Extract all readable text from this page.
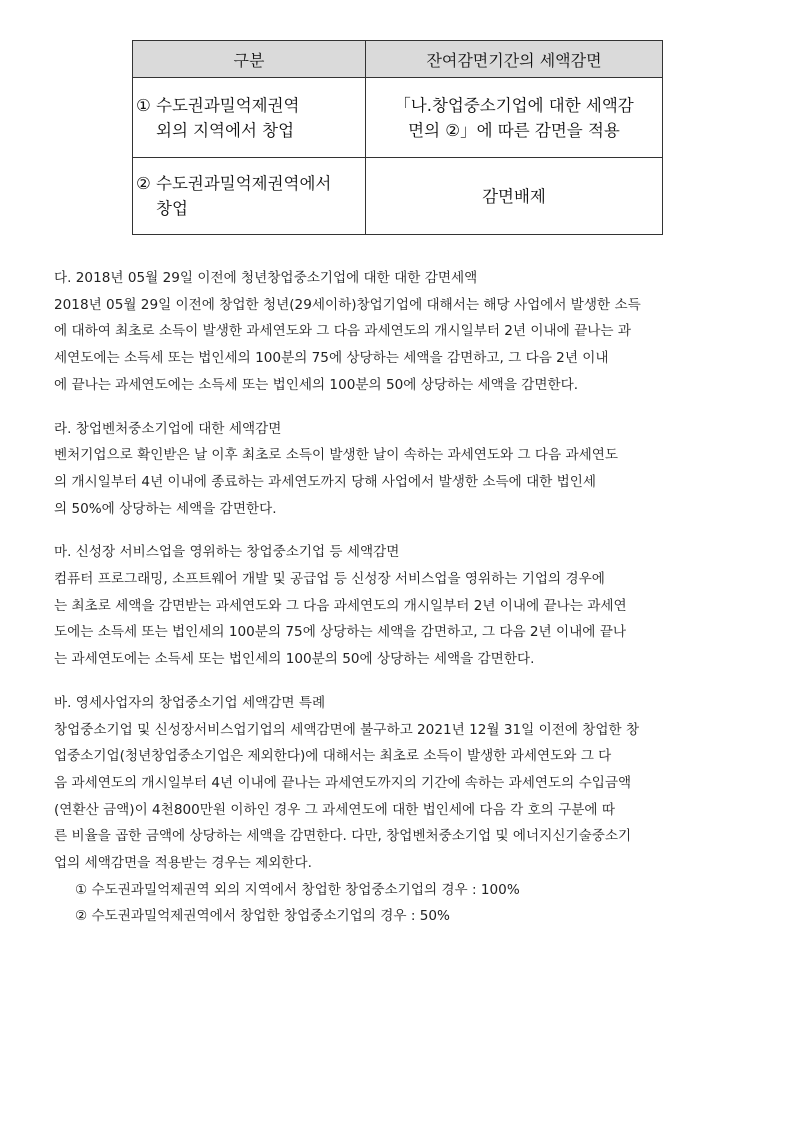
구분	잔여감면기간의 세액감면

① 수도권과밀억제권역
외의 지역에서 창업	「나.창업중소기업에 대한 세액감
면의 ②」에 따른 감면을 적용

② 수도권과밀억제권역에서
창업	감면배제

다. 2018년 05월 29일 이전에 청년창업중소기업에 대한 대한 감면세액

2018년 05월 29일 이전에 창업한 청년(29세이하)창업기업에 대해서는 해당 사업에서 발생한 소득

에 대하여 최초로 소득이 발생한 과세연도와 그 다음 과세연도의 개시일부터 2년 이내에 끝나는 과

세연도에는 소득세 또는 법인세의 100분의 75에 상당하는 세액을 감면하고, 그 다음 2년 이내

에 끝나는 과세연도에는 소득세 또는 법인세의 100분의 50에 상당하는 세액을 감면한다.

라. 창업벤처중소기업에 대한 세액감면

벤처기업으로 확인받은 날 이후 최초로 소득이 발생한 날이 속하는 과세연도와 그 다음 과세연도

의 개시일부터 4년 이내에 종료하는 과세연도까지 당해 사업에서 발생한 소득에 대한 법인세

의 50%에 상당하는 세액을 감면한다.

마. 신성장 서비스업을 영위하는 창업중소기업 등 세액감면

컴퓨터 프로그래밍, 소프트웨어 개발 및 공급업 등 신성장 서비스업을 영위하는 기업의 경우에

는 최초로 세액을 감면받는 과세연도와 그 다음 과세연도의 개시일부터 2년 이내에 끝나는 과세연

도에는 소득세 또는 법인세의 100분의 75에 상당하는 세액을 감면하고, 그 다음 2년 이내에 끝나

는 과세연도에는 소득세 또는 법인세의 100분의 50에 상당하는 세액을 감면한다.

바. 영세사업자의 창업중소기업 세액감면 특례

창업중소기업 및 신성장서비스업기업의 세액감면에 불구하고 2021년 12월 31일 이전에 창업한 창

업중소기업(청년창업중소기업은 제외한다)에 대해서는 최초로 소득이 발생한 과세연도와 그 다

음 과세연도의 개시일부터 4년 이내에 끝나는 과세연도까지의 기간에 속하는 과세연도의 수입금액

(연환산 금액)이 4천800만원 이하인 경우 그 과세연도에 대한 법인세에 다음 각 호의 구분에 따

른 비율을 곱한 금액에 상당하는 세액을 감면한다. 다만, 창업벤처중소기업 및 에너지신기술중소기

업의 세액감면을 적용받는 경우는 제외한다.

① 수도권과밀억제권역 외의 지역에서 창업한 창업중소기업의 경우 : 100%

② 수도권과밀억제권역에서 창업한 창업중소기업의 경우 : 50%
